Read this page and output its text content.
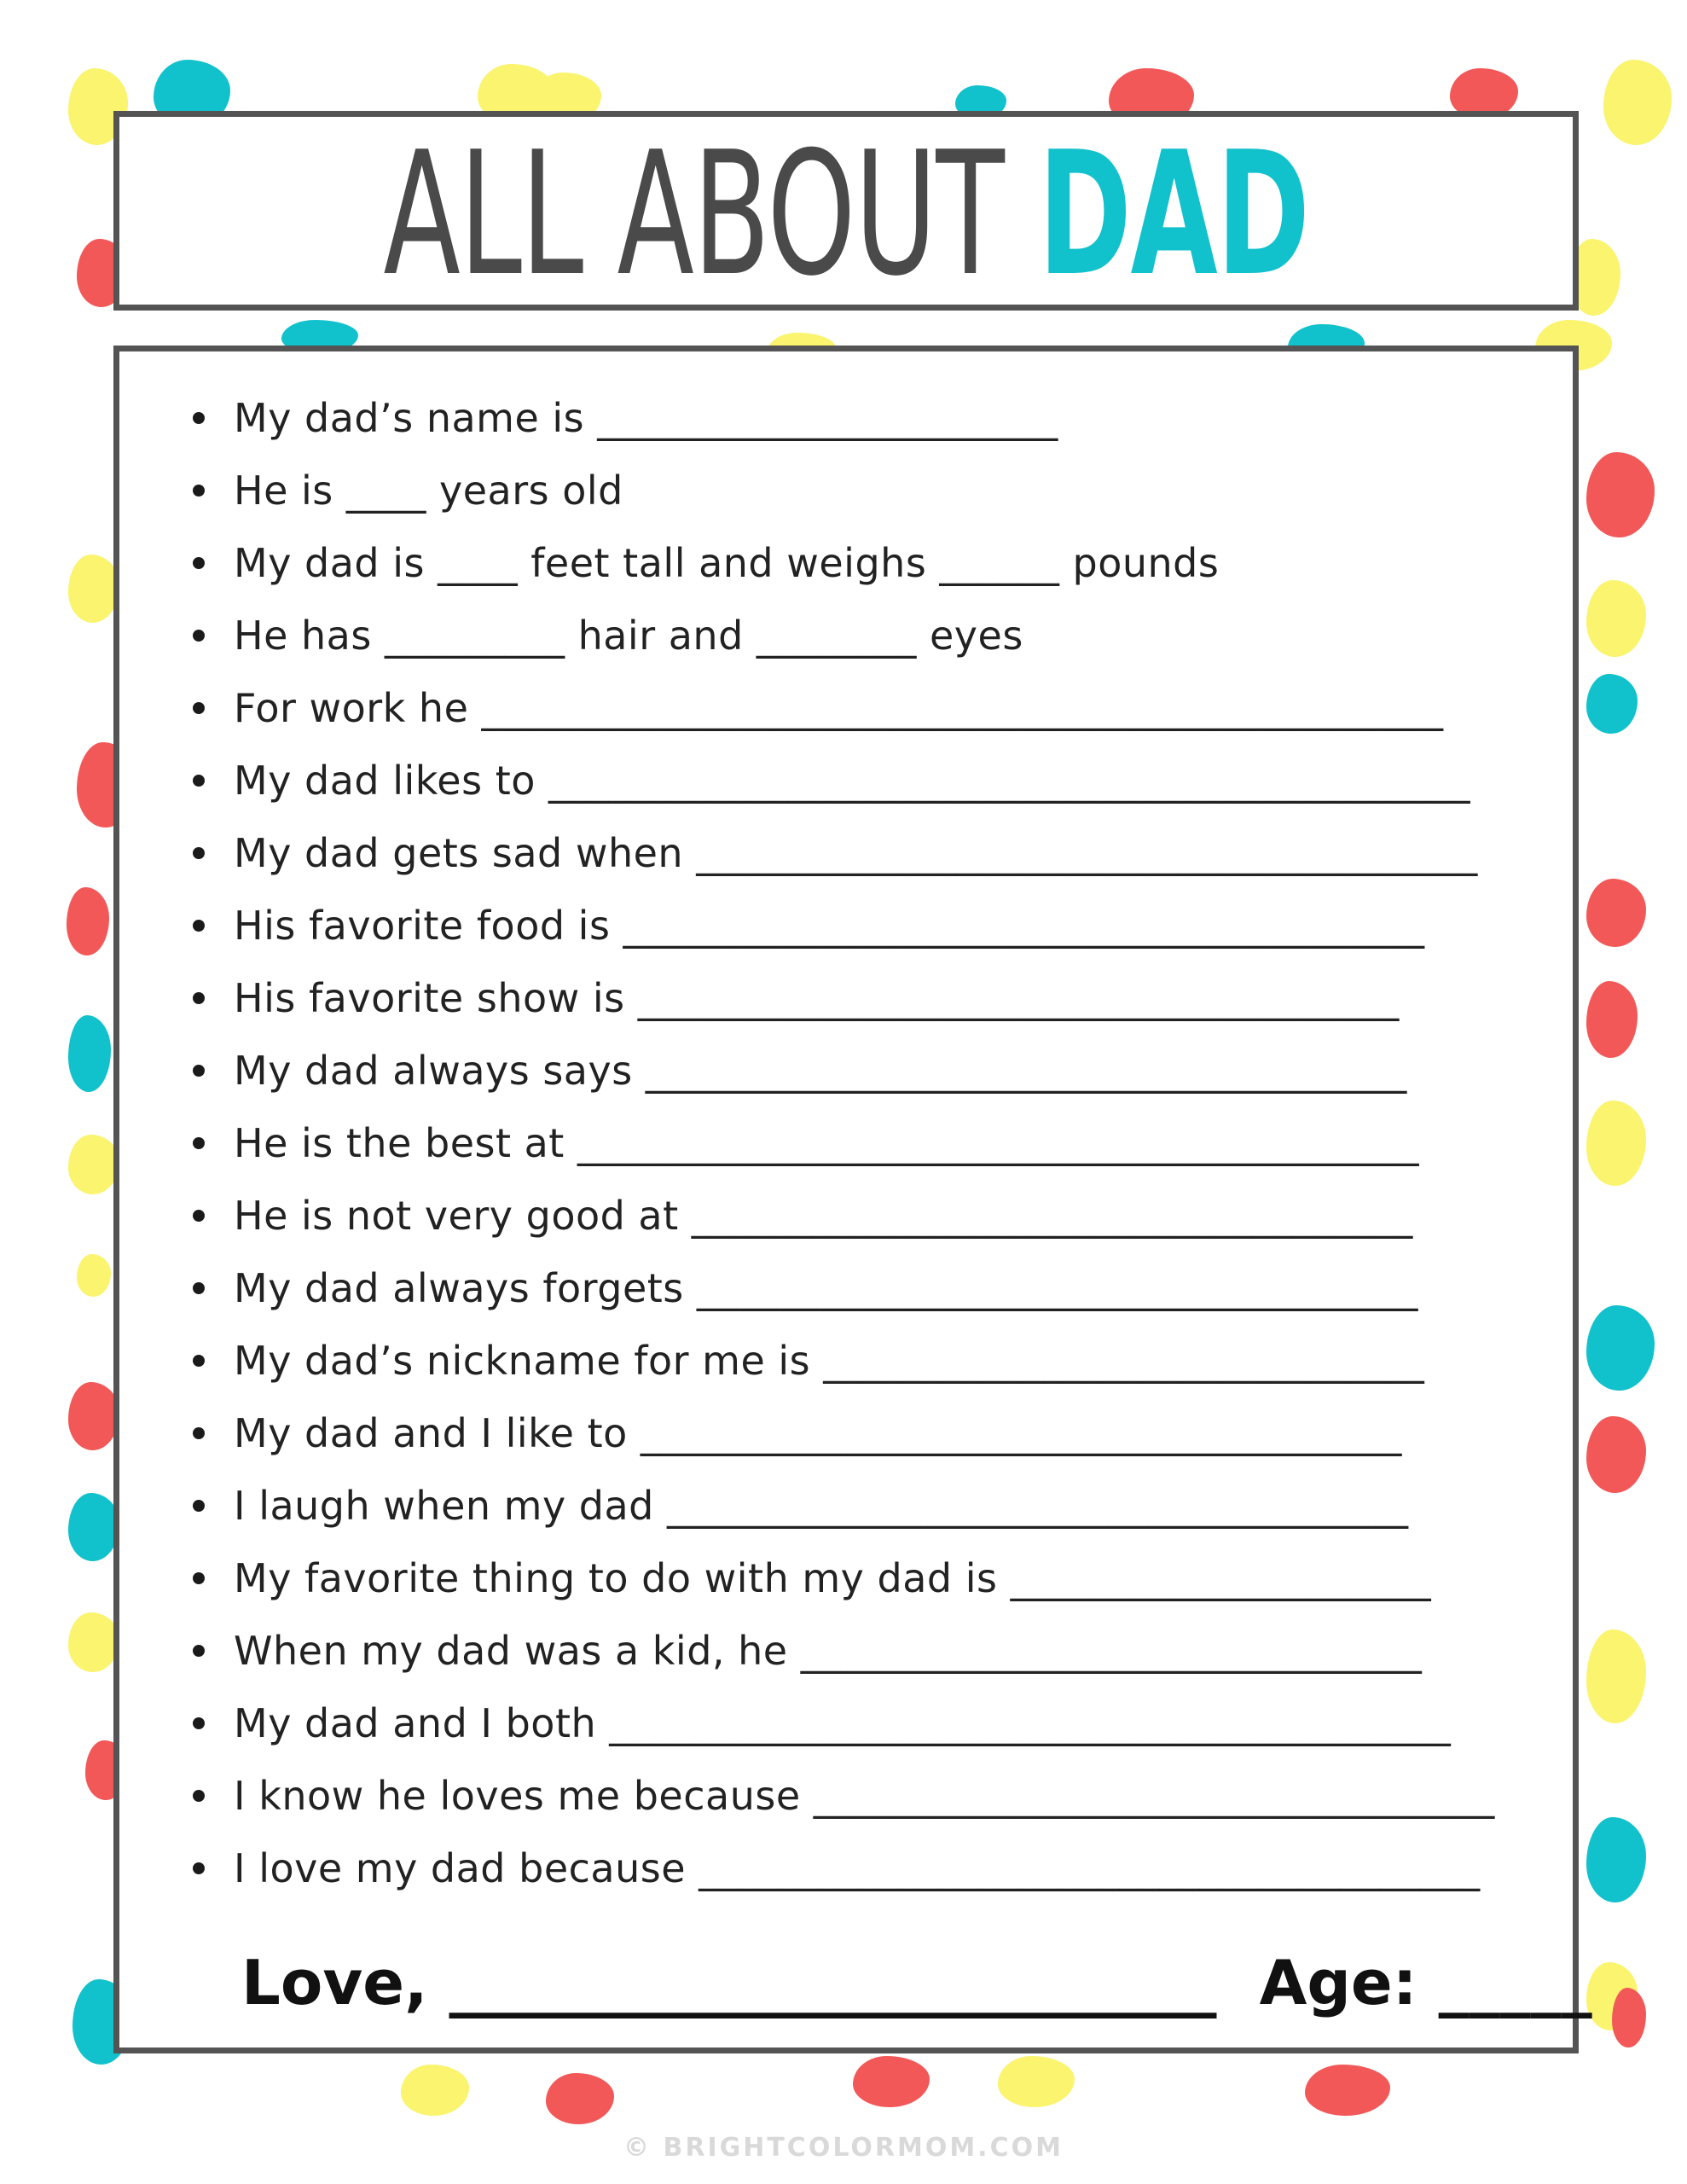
ALL ABOUT DAD
My dad’s name is _______________________
He is ____ years old
My dad is ____ feet tall and weighs ______ pounds
He has _________ hair and ________ eyes
For work he ________________________________________________
My dad likes to ______________________________________________
My dad gets sad when _______________________________________
His favorite food is ________________________________________
His favorite show is ______________________________________
My dad always says ______________________________________
He is the best at __________________________________________
He is not very good at ____________________________________
My dad always forgets ____________________________________
My dad’s nickname for me is ______________________________
My dad and I like to ______________________________________
I laugh when my dad _____________________________________
My favorite thing to do with my dad is _____________________
When my dad was a kid, he _______________________________
My dad and I both __________________________________________
I know he loves me because __________________________________
I love my dad because _______________________________________
Love, _________________________
Age: _____
© BRIGHTCOLORMOM.COM
